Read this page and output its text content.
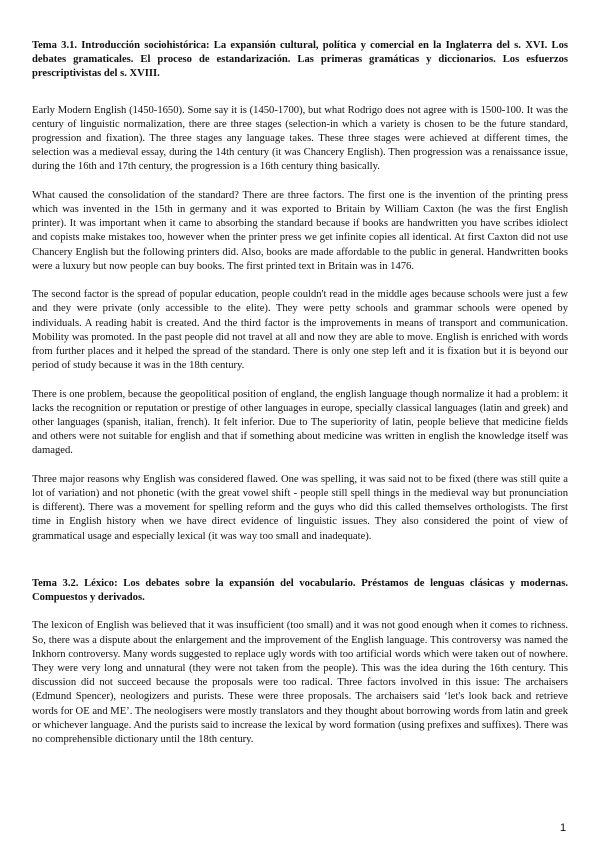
Tema 3.1. Introducción sociohistórica: La expansión cultural, política y comercial en la Inglaterra del s. XVI. Los debates gramaticales. El proceso de estandarización. Las primeras gramáticas y diccionarios. Los esfuerzos prescriptivistas del s. XVIII.

Early Modern English (1450-1650). Some say it is (1450-1700), but what Rodrigo does not agree with is 1500-100. It was the century of linguistic normalization, there are three stages (selection-in which a variety is chosen to be the future standard, progression and fixation). The three stages any language takes. These three stages were achieved at different times, the selection was a medieval essay, during the 14th century (it was Chancery English). Then progression was a renaissance issue, during the 16th and 17th century, the progression is a 16th century thing basically.

What caused the consolidation of the standard? There are three factors. The first one is the invention of the printing press which was invented in the 15th in germany and it was exported to Britain by William Caxton (he was the first English printer). It was important when it came to absorbing the standard because if books are handwritten you have scribes idiolect and copists make mistakes too, however when the printer press we get infinite copies all identical. At first Caxton did not use Chancery English but the following printers did. Also, books are made affordable to the public in general. Handwritten books were a luxury but now people can buy books. The first printed text in Britain was in 1476.

The second factor is the spread of popular education, people couldn't read in the middle ages because schools were just a few and they were private (only accessible to the elite). They were petty schools and grammar schools were opened by individuals. A reading habit is created. And the third factor is the improvements in means of transport and communication. Mobility was promoted. In the past people did not travel at all and now they are able to move. English is enriched with words from further places and it helped the spread of the standard. There is only one step left and it is fixation but it is beyond our period of study because it was in the 18th century.

There is one problem, because the geopolitical position of england, the english language though normalize it had a problem: it lacks the recognition or reputation or prestige of other languages in europe, specially classical languages (latin and greek) and other languages (spanish, italian, french). It felt inferior. Due to The superiority of latin, people believe that medicine fields and others were not suitable for english and that if something about medicine was written in english the knowledge itself was damaged.

Three major reasons why English was considered flawed. One was spelling, it was said not to be fixed (there was still quite a lot of variation) and not phonetic (with the great vowel shift - people still spell things in the medieval way but pronunciation is different). There was a movement for spelling reform and the guys who did this called themselves orthologists. The first time in English history when we have direct evidence of linguistic issues. They also considered the point of view of grammatical usage and especially lexical (it was way too small and inadequate).

Tema 3.2. Léxico: Los debates sobre la expansión del vocabulario. Préstamos de lenguas clásicas y modernas. Compuestos y derivados.

The lexicon of English was believed that it was insufficient (too small) and it was not good enough when it comes to richness. So, there was a dispute about the enlargement and the improvement of the English language. This controversy was named the Inkhorn controversy. Many words suggested to replace ugly words with too artificial words which were taken out of nowhere. They were very long and unnatural (they were not taken from the people). This was the idea during the 16th century. This discussion did not succeed because the proposals were too radical. Three factors involved in this issue: The archaisers (Edmund Spencer), neologizers and purists. These were three proposals. The archaisers said ‘let's look back and retrieve words for OE and ME’. The neologisers were mostly translators and they thought about borrowing words from latin and greek or whichever language. And the purists said to increase the lexical by word formation (using prefixes and suffixes). There was no comprehensible dictionary until the 18th century.

1
